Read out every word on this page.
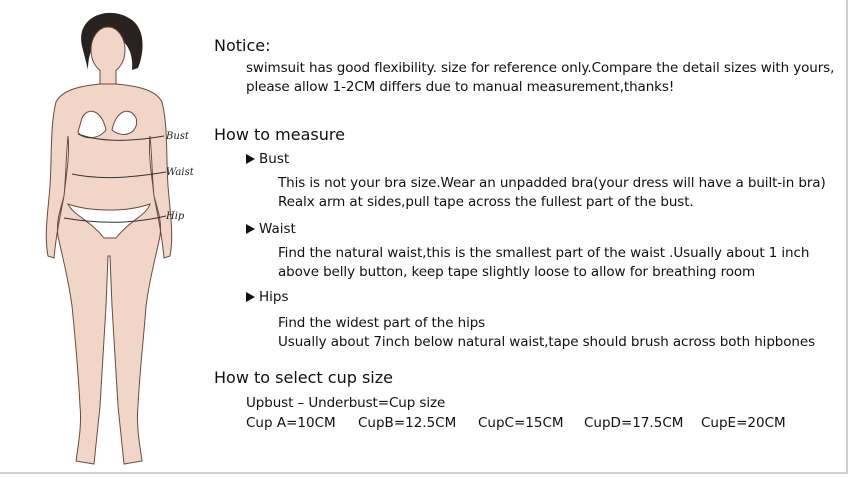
Bust
Waist
Hip
Notice:
swimsuit has good flexibility. size for reference only.Compare the detail sizes with yours,
please allow 1-2CM differs due to manual measurement,thanks!
How to measure
Bust
This is not your bra size.Wear an unpadded bra(your dress will have a built-in bra)
Realx arm at sides,pull tape across the fullest part of the bust.
Waist
Find the natural waist,this is the smallest part of the waist .Usually about 1 inch
above belly button, keep tape slightly loose to allow for breathing room
Hips
Find the widest part of the hips
Usually about 7inch below natural waist,tape should brush across both hipbones
How to select cup size
Upbust – Underbust=Cup size
Cup A=10CM CupB=12.5CM CupC=15CM CupD=17.5CM CupE=20CM
